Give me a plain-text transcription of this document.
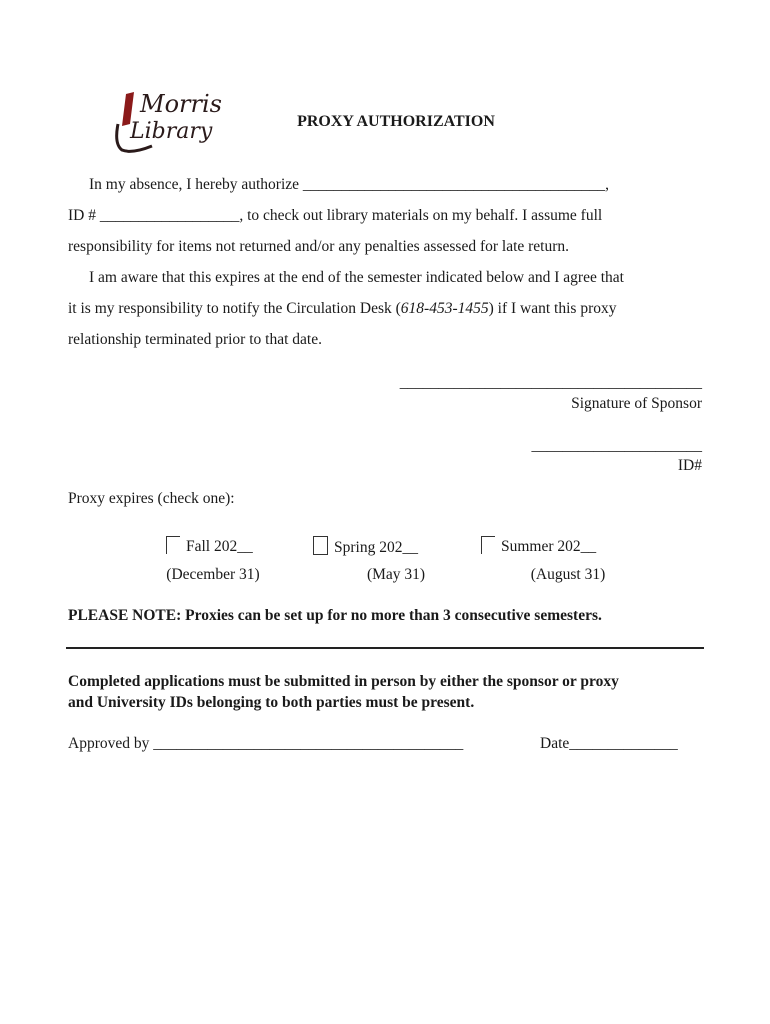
Morris
Library	PROXY AUTHORIZATION
In my absence, I hereby authorize _______________________________________,
ID # __________________, to check out library materials on my behalf. I assume full
responsibility for items not returned and/or any penalties assessed for late return.
I am aware that this expires at the end of the semester indicated below and I agree that
it is my responsibility to notify the Circulation Desk (618-453-1455) if I want this proxy
relationship terminated prior to that date.
_______________________________________
Signature of Sponsor
______________________
ID#
Proxy expires (check one):
Fall 202__
(December 31)
Spring 202__
(May 31)
Summer 202__
(August 31)
PLEASE NOTE: Proxies can be set up for no more than 3 consecutive semesters.
Completed applications must be submitted in person by either the sponsor or proxy
and University IDs belonging to both parties must be present.
Approved by ________________________________________	Date______________
